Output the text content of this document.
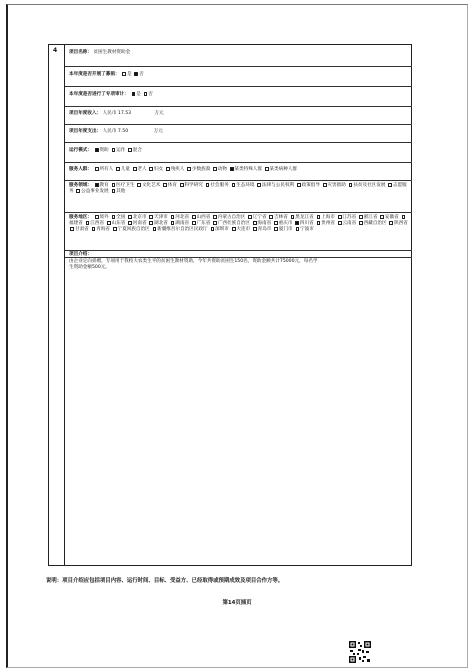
4	项目名称： 贫困生教材资助金
本年度是否开展了募捐： 是 否
本年度是否进行了专项审计： 是 否
项目年度收入： 人民币 17.53	万元
项目年度支出： 人民币 7.50	万元
运行模式： 资助 运作 混合
服务人群： 所有人 儿童 老人 妇女 残疾人 少数族裔 动物 某类特殊人群 某类病种人群
服务领域： 教育 医疗卫生 文化艺术 体育 科学研究 社会服务 生态环境 法律与公民权利 政策倡导 灾害救助 扶贫及社区发展 志愿服务 公益事业发展 其他
服务地区： 境外 全国 北京市 天津市 河北省 山西省 内蒙古自治区 辽宁省 吉林省 黑龙江省 上海市 江苏省 浙江省 安徽省 福建省 江西省 山东省 河南省 湖北省 湖南省 广东省 广西壮族自治区 海南省 重庆市 四川省 贵州省 云南省 西藏自治区 陕西省 甘肃省 青海省 宁夏回族自治区 新疆维吾尔自治区民政厅 深圳市 大连市 青岛市 厦门市 宁波市
项目介绍：
由企业定向捐赠，专项用于我校大农类生平的贫困生教材资助，今年共资助贫困生150名，资助金额共计75000元，每名学生资助金额500元。
说明：项目介绍应包括项目内容、运行时间、目标、受益方、已经取得或预期成效及项目合作方等。
第14页插页
